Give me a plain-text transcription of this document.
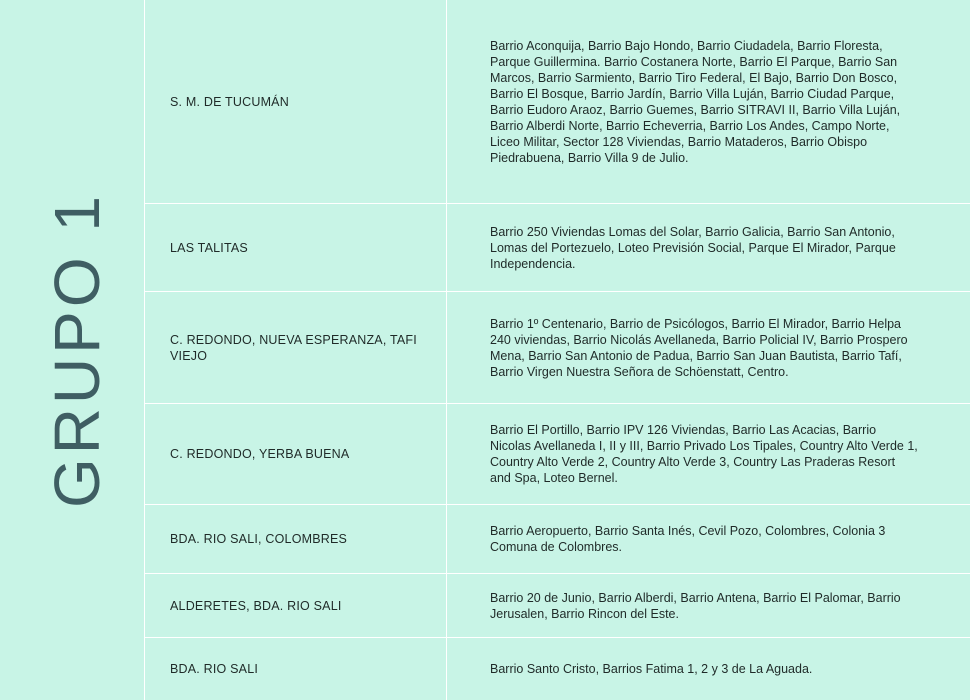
GRUPO 1
S. M. DE TUCUMÁN
Barrio Aconquija, Barrio Bajo Hondo, Barrio Ciudadela, Barrio Floresta, Parque Guillermina. Barrio Costanera Norte, Barrio El Parque, Barrio San Marcos, Barrio Sarmiento, Barrio Tiro Federal, El Bajo, Barrio Don Bosco, Barrio El Bosque, Barrio Jardín, Barrio Villa Luján, Barrio Ciudad Parque, Barrio Eudoro Araoz, Barrio Guemes, Barrio SITRAVI II, Barrio Villa Luján, Barrio Alberdi Norte, Barrio Echeverria, Barrio Los Andes, Campo Norte, Liceo Militar, Sector 128 Viviendas, Barrio Mataderos, Barrio Obispo Piedrabuena, Barrio Villa 9 de Julio.
LAS TALITAS
Barrio 250 Viviendas Lomas del Solar, Barrio Galicia, Barrio San Antonio, Lomas del Portezuelo, Loteo Previsión Social, Parque El Mirador, Parque Independencia.
C. REDONDO, NUEVA ESPERANZA, TAFI VIEJO
Barrio 1º Centenario, Barrio de Psicólogos, Barrio El Mirador, Barrio Helpa 240 viviendas, Barrio Nicolás Avellaneda, Barrio Policial IV, Barrio Prospero Mena, Barrio San Antonio de Padua, Barrio San Juan Bautista, Barrio Tafí, Barrio Virgen Nuestra Señora de Schöenstatt, Centro.
C. REDONDO, YERBA BUENA
Barrio El Portillo, Barrio IPV 126 Viviendas, Barrio Las Acacias, Barrio Nicolas Avellaneda I, II y III, Barrio Privado Los Tipales, Country Alto Verde 1, Country Alto Verde 2, Country Alto Verde 3, Country Las Praderas Resort and Spa, Loteo Bernel.
BDA. RIO SALI, COLOMBRES
Barrio Aeropuerto, Barrio Santa Inés, Cevil Pozo, Colombres, Colonia 3 Comuna de Colombres.
ALDERETES, BDA. RIO SALI
Barrio 20 de Junio, Barrio Alberdi, Barrio Antena, Barrio El Palomar, Barrio Jerusalen, Barrio Rincon del Este.
BDA. RIO SALI	Barrio Santo Cristo, Barrios Fatima 1, 2 y 3 de La Aguada.
